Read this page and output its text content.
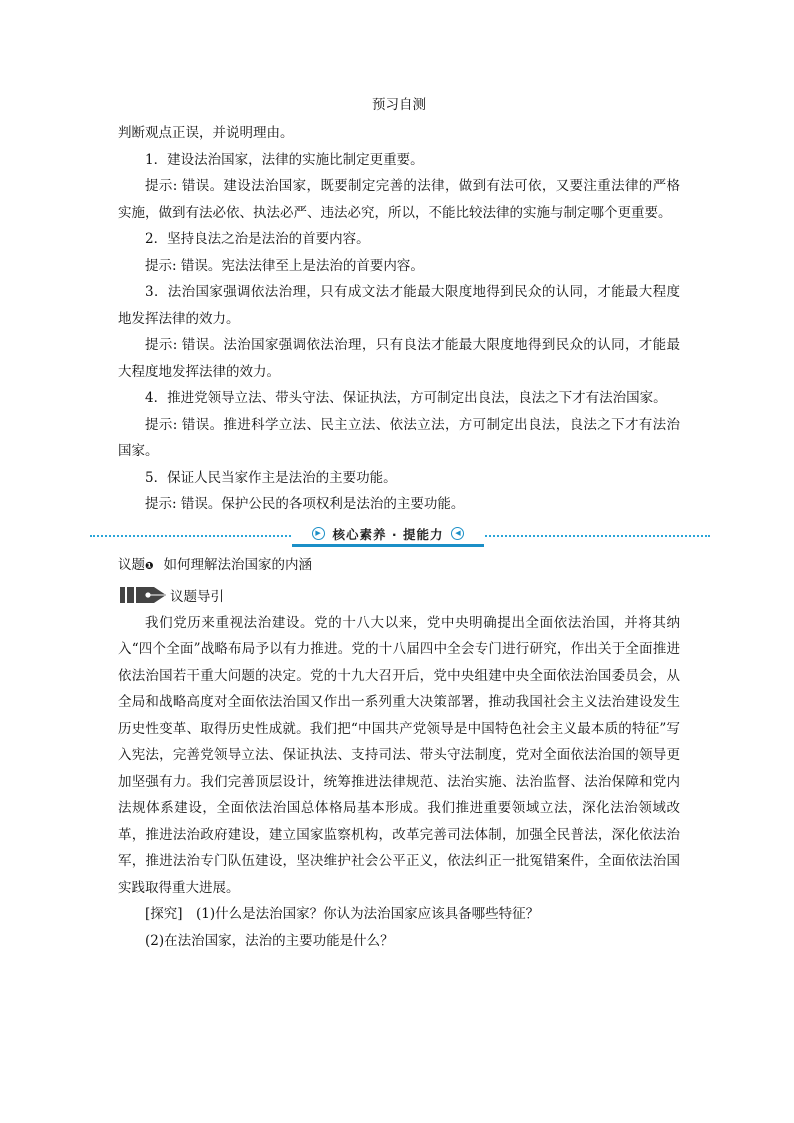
预习自测

判断观点正误，并说明理由。

1．建设法治国家，法律的实施比制定更重要。

提示: 错误。建设法治国家，既要制定完善的法律，做到有法可依，又要注重法律的严格实施，做到有法必依、执法必严、违法必究，所以，不能比较法律的实施与制定哪个更重要。

2．坚持良法之治是法治的首要内容。

提示: 错误。宪法法律至上是法治的首要内容。

3．法治国家强调依法治理，只有成文法才能最大限度地得到民众的认同，才能最大程度地发挥法律的效力。

提示: 错误。法治国家强调依法治理，只有良法才能最大限度地得到民众的认同，才能最大程度地发挥法律的效力。

4．推进党领导立法、带头守法、保证执法，方可制定出良法，良法之下才有法治国家。

提示: 错误。推进科学立法、民主立法、依法立法，方可制定出良法，良法之下才有法治国家。

5．保证人民当家作主是法治的主要功能。

提示: 错误。保护公民的各项权利是法治的主要功能。

▶ 核心素养 · 提能力	◀
议题❶ 如何理解法治国家的内涵
议题导引

我们党历来重视法治建设。党的十八大以来，党中央明确提出全面依法治国，并将其纳入“四个全面”战略布局予以有力推进。党的十八届四中全会专门进行研究，作出关于全面推进依法治国若干重大问题的决定。党的十九大召开后，党中央组建中央全面依法治国委员会，从全局和战略高度对全面依法治国又作出一系列重大决策部署，推动我国社会主义法治建设发生历史性变革、取得历史性成就。我们把“中国共产党领导是中国特色社会主义最本质的特征”写入宪法，完善党领导立法、保证执法、支持司法、带头守法制度，党对全面依法治国的领导更加坚强有力。我们完善顶层设计，统筹推进法律规范、法治实施、法治监督、法治保障和党内法规体系建设，全面依法治国总体格局基本形成。我们推进重要领域立法，深化法治领域改革，推进法治政府建设，建立国家监察机构，改革完善司法体制，加强全民普法，深化依法治军，推进法治专门队伍建设，坚决维护社会公平正义，依法纠正一批冤错案件，全面依法治国实践取得重大进展。

[探究]　(1)什么是法治国家？你认为法治国家应该具备哪些特征？

(2)在法治国家，法治的主要功能是什么？
